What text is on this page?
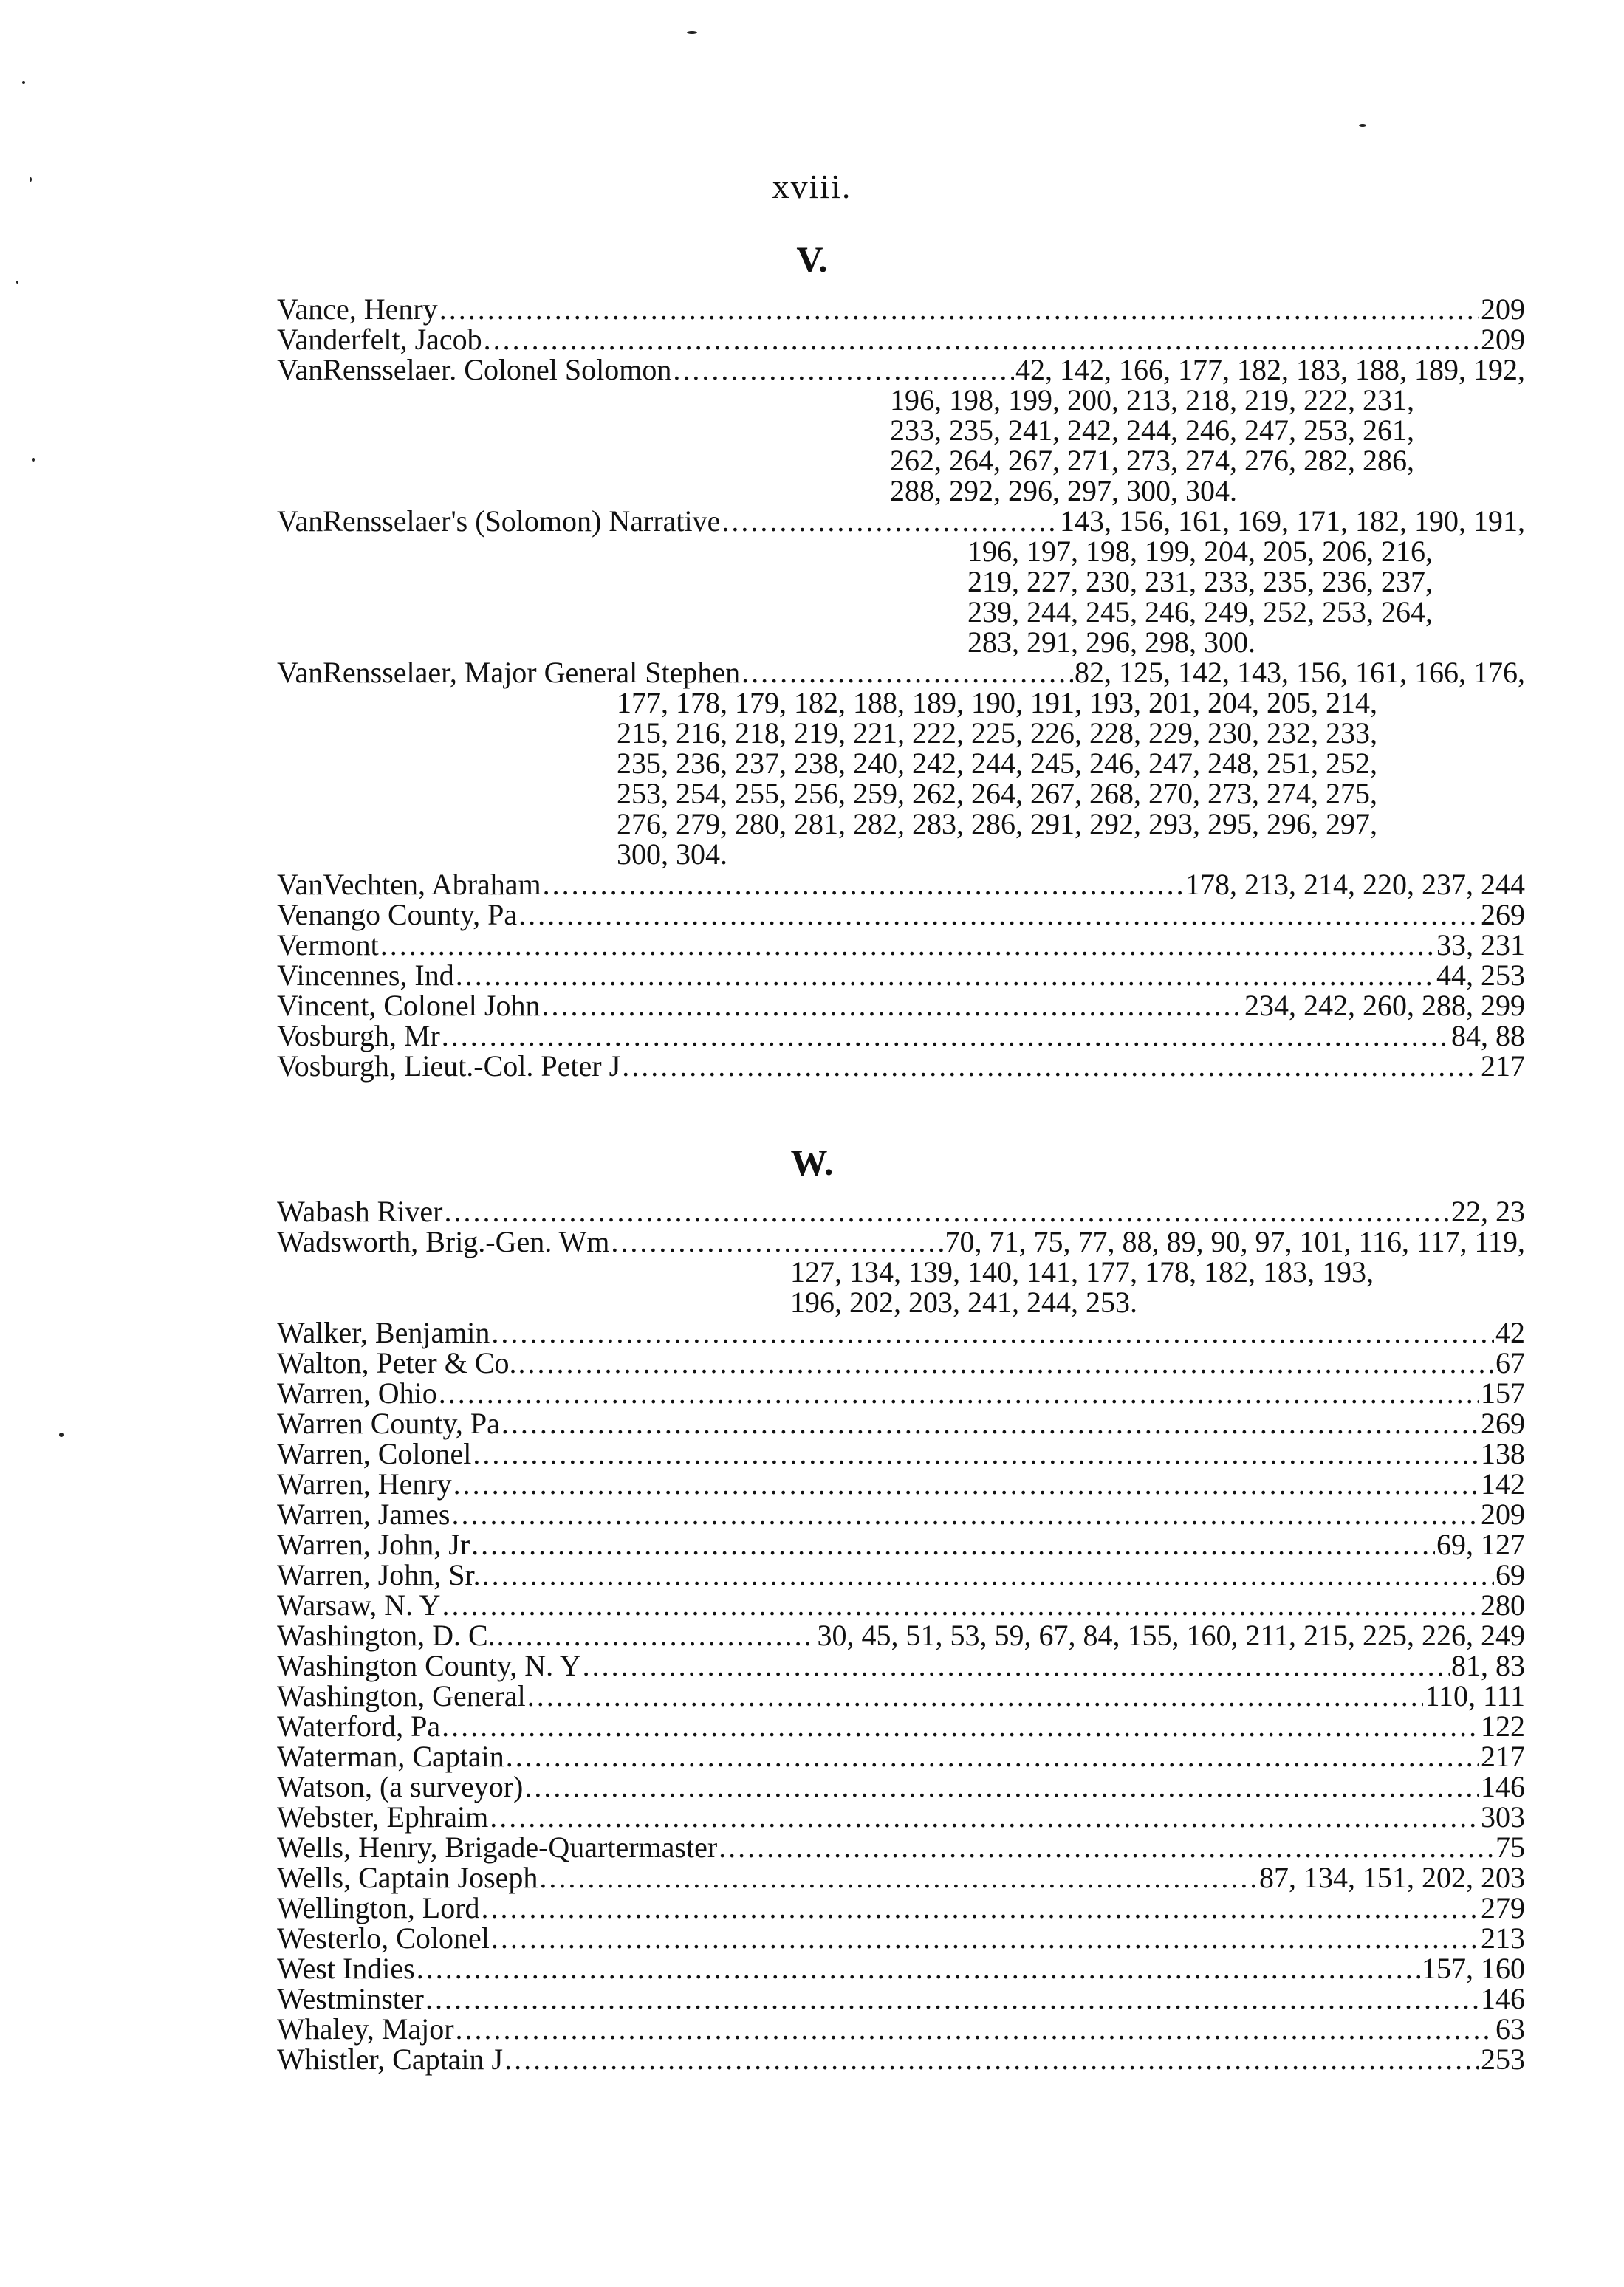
xviii.
V.
Vance, Henry .....	209
Vanderfelt, Jacob .....	209
VanRensselaer. Colonel Solomon .....	42, 142, 166, 177, 182, 183, 188, 189, 192,
196, 198, 199, 200, 213, 218, 219, 222, 231,
233, 235, 241, 242, 244, 246, 247, 253, 261,
262, 264, 267, 271, 273, 274, 276, 282, 286,
288, 292, 296, 297, 300, 304.
VanRensselaer's (Solomon) Narrative .....	143, 156, 161, 169, 171, 182, 190, 191,
196, 197, 198, 199, 204, 205, 206, 216,
219, 227, 230, 231, 233, 235, 236, 237,
239, 244, 245, 246, 249, 252, 253, 264,
283, 291, 296, 298, 300.
VanRensselaer, Major General Stephen .....	82, 125, 142, 143, 156, 161, 166, 176,
177, 178, 179, 182, 188, 189, 190, 191, 193, 201, 204, 205, 214,
215, 216, 218, 219, 221, 222, 225, 226, 228, 229, 230, 232, 233,
235, 236, 237, 238, 240, 242, 244, 245, 246, 247, 248, 251, 252,
253, 254, 255, 256, 259, 262, 264, 267, 268, 270, 273, 274, 275,
276, 279, 280, 281, 282, 283, 286, 291, 292, 293, 295, 296, 297,
300, 304.
VanVechten, Abraham .....	178, 213, 214, 220, 237, 244
Venango County, Pa .....	269
Vermont .....	33, 231
Vincennes, Ind .....	44, 253
Vincent, Colonel John .....	234, 242, 260, 288, 299
Vosburgh, Mr .....	84, 88
Vosburgh, Lieut.-Col. Peter J .....	217
W.
Wabash River .....	22, 23
Wadsworth, Brig.-Gen. Wm .....	70, 71, 75, 77, 88, 89, 90, 97, 101, 116, 117, 119,
127, 134, 139, 140, 141, 177, 178, 182, 183, 193,
196, 202, 203, 241, 244, 253.
Walker, Benjamin .....	42
Walton, Peter & Co. .....	67
Warren, Ohio .....	157
Warren County, Pa .....	269
Warren, Colonel .....	138
Warren, Henry .....	142
Warren, James .....	209
Warren, John, Jr .....	69, 127
Warren, John, Sr. .....	69
Warsaw, N. Y .....	280
Washington, D. C. .....	30, 45, 51, 53, 59, 67, 84, 155, 160, 211, 215, 225, 226, 249
Washington County, N. Y .....	81, 83
Washington, General .....	110, 111
Waterford, Pa .....	122
Waterman, Captain .....	217
Watson, (a surveyor) .....	146
Webster, Ephraim .....	303
Wells, Henry, Brigade-Quartermaster .....	75
Wells, Captain Joseph .....	87, 134, 151, 202, 203
Wellington, Lord .....	279
Westerlo, Colonel .....	213
West Indies .....	157, 160
Westminster .....	146
Whaley, Major .....	63
Whistler, Captain J .....	253
